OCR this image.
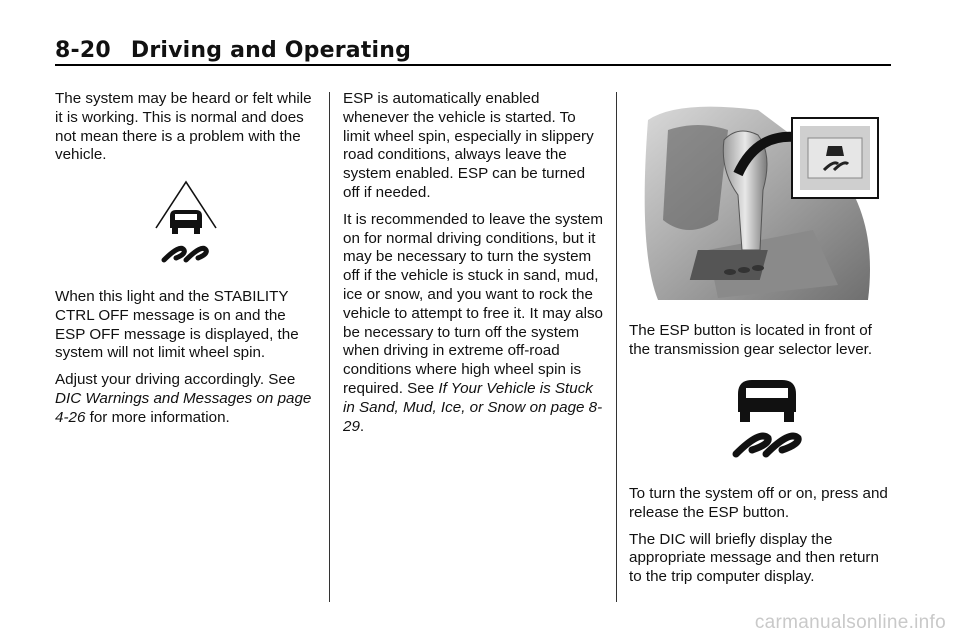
8-20 Driving and Operating

The system may be heard or felt while it is working. This is normal and does not mean there is a problem with the vehicle.

When this light and the STABILITY CTRL OFF message is on and the ESP OFF message is displayed, the system will not limit wheel spin.

Adjust your driving accordingly. See DIC Warnings and Messages on page 4-26 for more information.

ESP is automatically enabled whenever the vehicle is started. To limit wheel spin, especially in slippery road conditions, always leave the system enabled. ESP can be turned off if needed.

It is recommended to leave the system on for normal driving conditions, but it may be necessary to turn the system off if the vehicle is stuck in sand, mud, ice or snow, and you want to rock the vehicle to attempt to free it. It may also be necessary to turn off the system when driving in extreme off-road conditions where high wheel spin is required. See If Your Vehicle is Stuck in Sand, Mud, Ice, or Snow on page 8-29.

The ESP button is located in front of the transmission gear selector lever.

To turn the system off or on, press and release the ESP button.

The DIC will briefly display the appropriate message and then return to the trip computer display.

carmanualsonline.info
